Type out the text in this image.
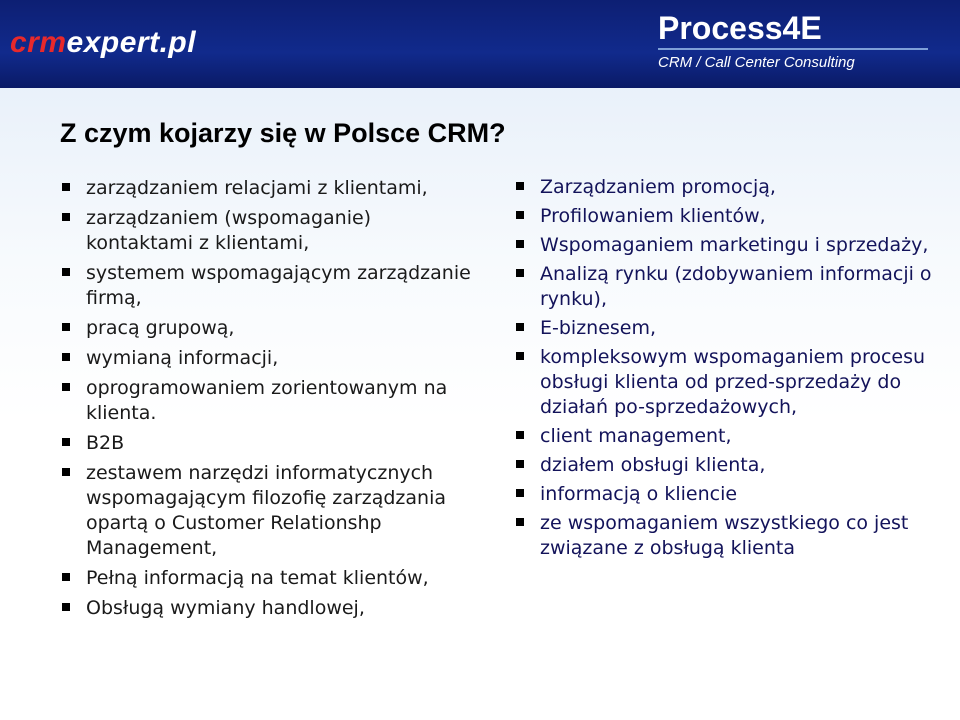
crmexpert.pl	Process4E
CRM / Call Center Consulting
Z czym kojarzy się w Polsce CRM?
zarządzaniem relacjami z klientami,
zarządzaniem (wspomaganie) kontaktami z klientami,
systemem wspomagającym zarządzanie firmą,
pracą grupową,
wymianą informacji,
oprogramowaniem zorientowanym na klienta.
B2B
zestawem narzędzi informatycznych wspomagającym filozofię zarządzania opartą o Customer Relationshp Management,
Pełną informacją na temat klientów,
Obsługą wymiany handlowej,
Zarządzaniem promocją,
Profilowaniem klientów,
Wspomaganiem marketingu i sprzedaży,
Analizą rynku (zdobywaniem informacji o rynku),
E-biznesem,
kompleksowym wspomaganiem procesu obsługi klienta od przed-sprzedaży do działań po-sprzedażowych,
client management,
działem obsługi klienta,
informacją o kliencie
ze wspomaganiem wszystkiego co jest związane z obsługą klienta
